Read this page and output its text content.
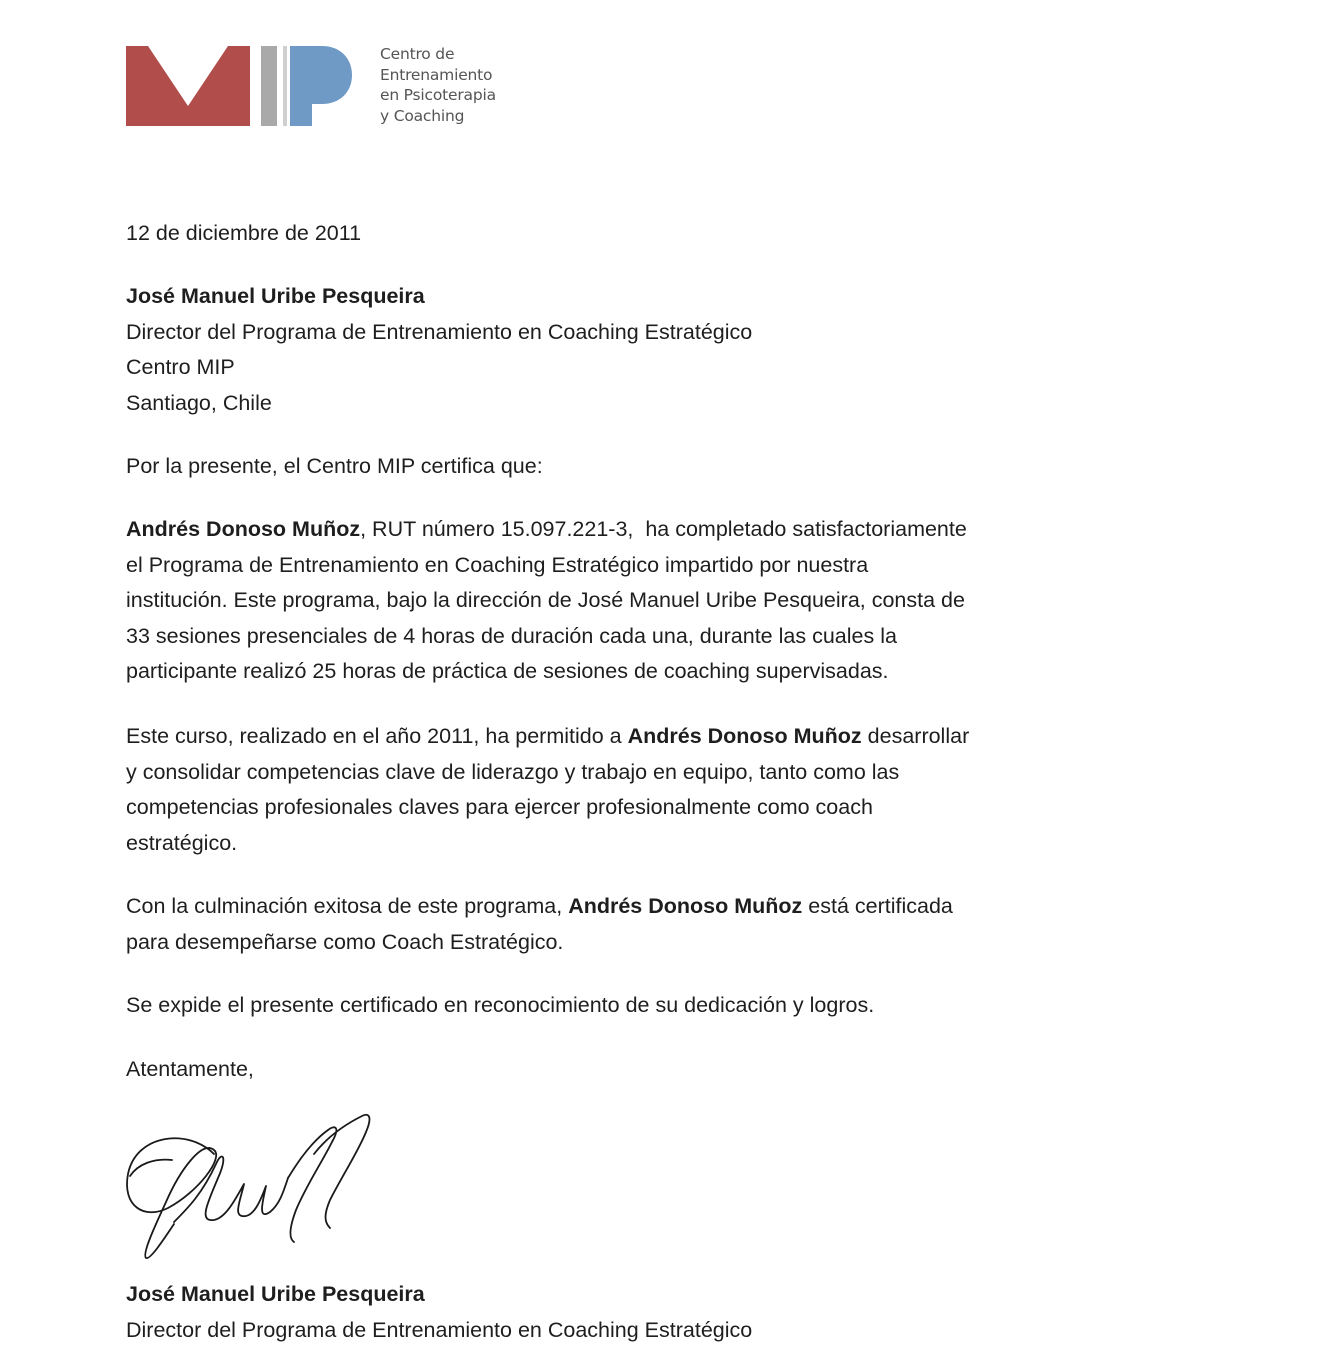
Centro de
Entrenamiento
en Psicoterapia
y Coaching
12 de diciembre de 2011
José Manuel Uribe Pesqueira
Director del Programa de Entrenamiento en Coaching Estratégico
Centro MIP
Santiago, Chile
Por la presente, el Centro MIP certifica que:
Andrés Donoso Muñoz, RUT número 15.097.221-3,  ha completado satisfactoriamente
el Programa de Entrenamiento en Coaching Estratégico impartido por nuestra
institución. Este programa, bajo la dirección de José Manuel Uribe Pesqueira, consta de
33 sesiones presenciales de 4 horas de duración cada una, durante las cuales la
participante realizó 25 horas de práctica de sesiones de coaching supervisadas.
Este curso, realizado en el año 2011, ha permitido a Andrés Donoso Muñoz desarrollar
y consolidar competencias clave de liderazgo y trabajo en equipo, tanto como las
competencias profesionales claves para ejercer profesionalmente como coach
estratégico.
Con la culminación exitosa de este programa, Andrés Donoso Muñoz está certificada
para desempeñarse como Coach Estratégico.
Se expide el presente certificado en reconocimiento de su dedicación y logros.
Atentamente,
José Manuel Uribe Pesqueira
Director del Programa de Entrenamiento en Coaching Estratégico
